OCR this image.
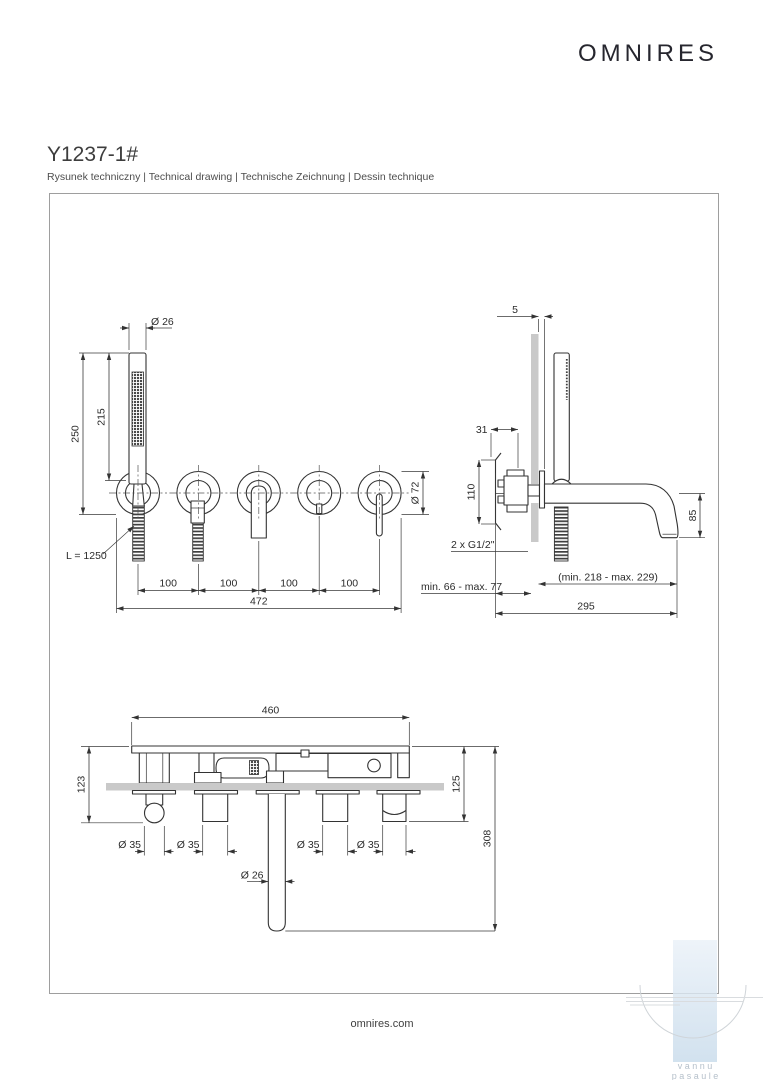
OMNIRES
Y1237-1#
Rysunek techniczny | Technical drawing | Technische Zeichnung | Dessin technique
Ø 26
250
215
L = 1250
Ø 72
100	100	100	100
472
5
31
110
2 x G1/2"
85
min. 66 - max. 77
(min. 218 - max. 229)
295
460
123
Ø 35	Ø 35	Ø 35	Ø 35
Ø 26
125
308
omnires.com
v a n n u
p a s a u l e
